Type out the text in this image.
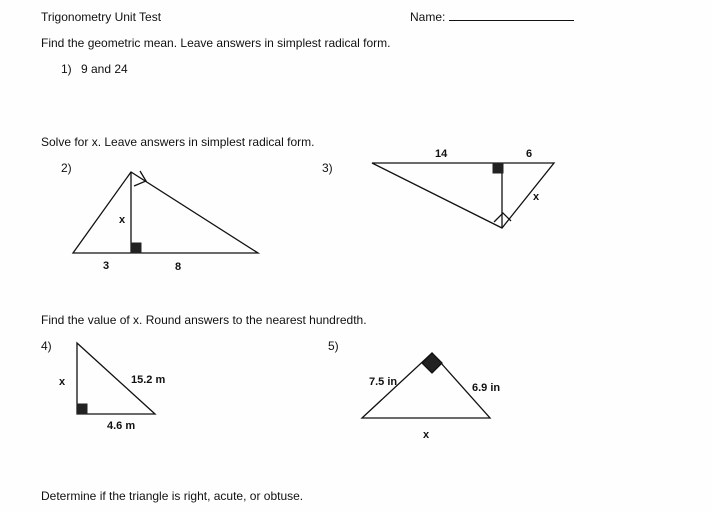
Trigonometry Unit Test	Name:
Find the geometric mean. Leave answers in simplest radical form.
1) 9 and 24
Solve for x. Leave answers in simplest radical form.
2)	3)
Find the value of x. Round answers to the nearest hundredth.
4)	5)
Determine if the triangle is right, acute, or obtuse.
x
3	8
14	6
x
x	15.2 m
4.6 m
7.5 in	6.9 in
x
